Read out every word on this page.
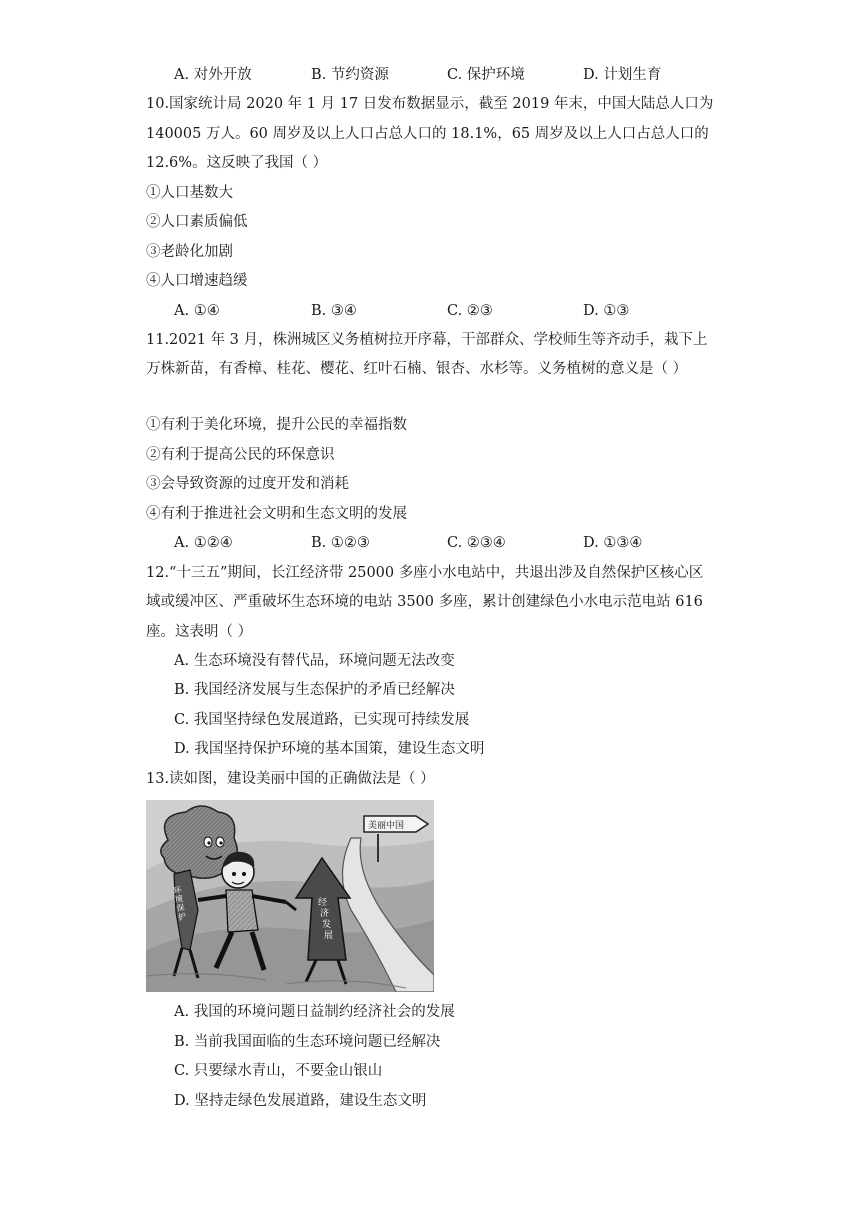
A. 对外开放	B. 节约资源	C. 保护环境	D. 计划生育
10.国家统计局 2020 年 1 月 17 日发布数据显示，截至 2019 年末，中国大陆总人口为
140005 万人。60 周岁及以上人口占总人口的 18.1%，65 周岁及以上人口占总人口的
12.6%。这反映了我国（ ）
①人口基数大
②人口素质偏低
③老龄化加剧
④人口增速趋缓
A. ①④	B. ③④	C. ②③	D. ①③
11.2021 年 3 月，株洲城区义务植树拉开序幕，干部群众、学校师生等齐动手，栽下上
万株新苗，有香樟、桂花、樱花、红叶石楠、银杏、水杉等。义务植树的意义是（ ）
①有利于美化环境，提升公民的幸福指数
②有利于提高公民的环保意识
③会导致资源的过度开发和消耗
④有利于推进社会文明和生态文明的发展
A. ①②④	B. ①②③	C. ②③④	D. ①③④
12.“十三五”期间，长江经济带 25000 多座小水电站中，共退出涉及自然保护区核心区
域或缓冲区、严重破坏生态环境的电站 3500 多座，累计创建绿色小水电示范电站 616
座。这表明（ ）
A. 生态环境没有替代品，环境问题无法改变
B. 我国经济发展与生态保护的矛盾已经解决
C. 我国坚持绿色发展道路，已实现可持续发展
D. 我国坚持保护环境的基本国策，建设生态文明
13.读如图，建设美丽中国的正确做法是（ ）
美丽中国
环 境 保 护
经 济 发 展
A. 我国的环境问题日益制约经济社会的发展
B. 当前我国面临的生态环境问题已经解决
C. 只要绿水青山，不要金山银山
D. 坚持走绿色发展道路，建设生态文明
